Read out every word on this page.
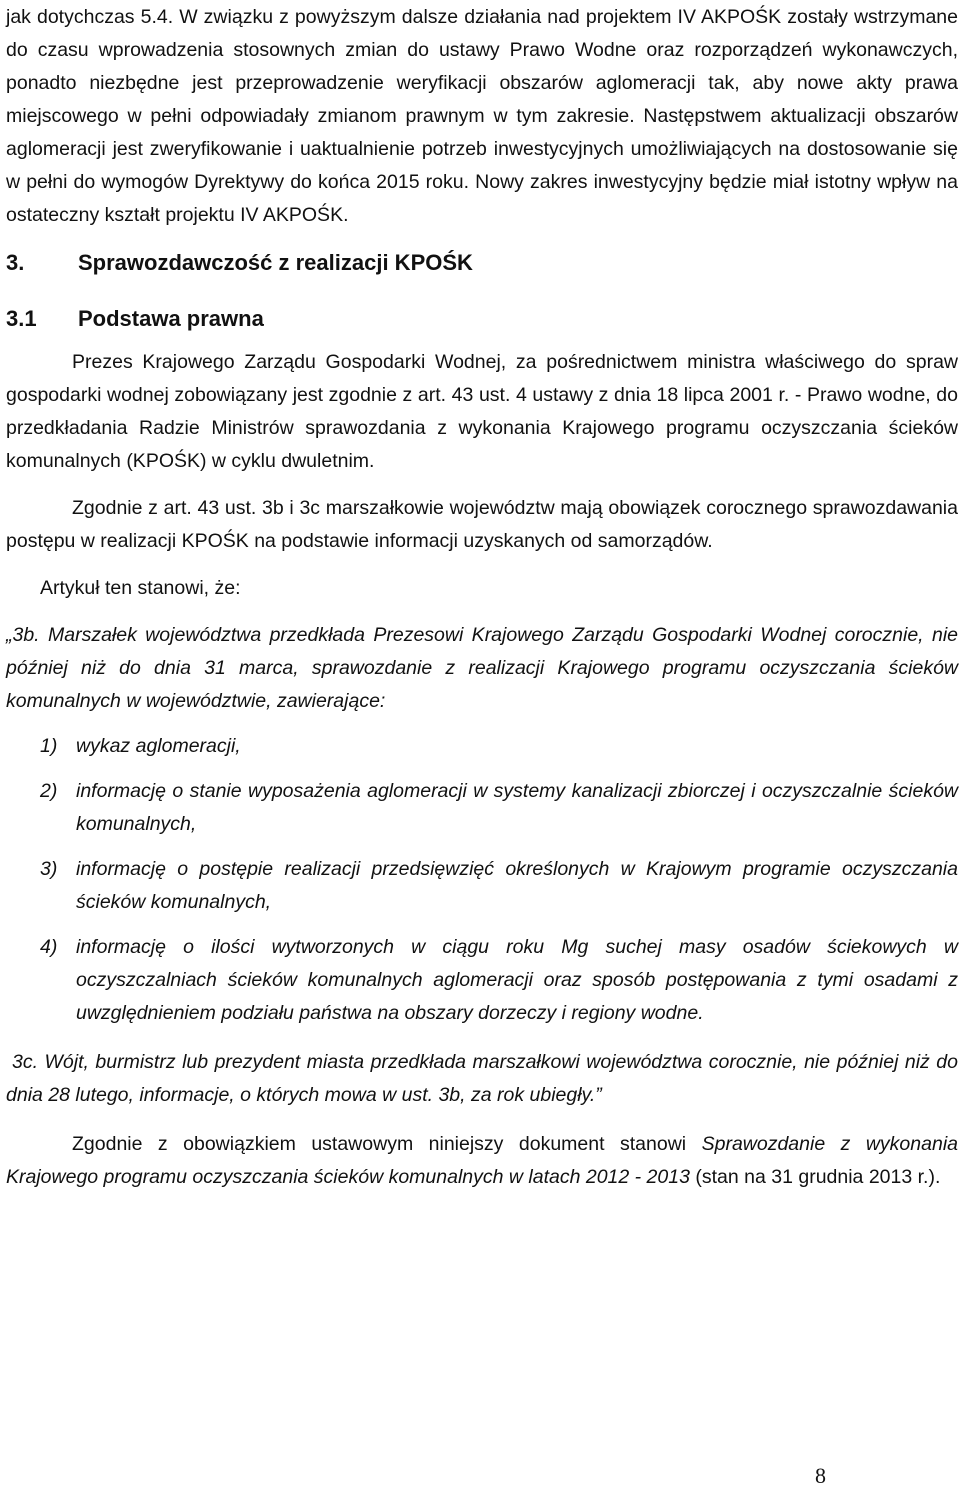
jak dotychczas 5.4. W związku z powyższym dalsze działania nad projektem IV AKPOŚK zostały wstrzymane do czasu wprowadzenia stosownych zmian do ustawy Prawo Wodne oraz rozporządzeń wykonawczych, ponadto niezbędne jest przeprowadzenie weryfikacji obszarów aglomeracji tak, aby nowe akty prawa miejscowego w pełni odpowiadały zmianom prawnym w tym zakresie. Następstwem aktualizacji obszarów aglomeracji jest zweryfikowanie i uaktualnienie potrzeb inwestycyjnych umożliwiających na dostosowanie się w pełni do wymogów Dyrektywy do końca 2015 roku. Nowy zakres inwestycyjny będzie miał istotny wpływ na ostateczny kształt projektu IV AKPOŚK.

3. Sprawozdawczość z realizacji KPOŚK
3.1 Podstawa prawna

Prezes Krajowego Zarządu Gospodarki Wodnej, za pośrednictwem ministra właściwego do spraw gospodarki wodnej zobowiązany jest zgodnie z art. 43 ust. 4 ustawy z dnia 18 lipca 2001 r. - Prawo wodne, do przedkładania Radzie Ministrów sprawozdania z wykonania Krajowego programu oczyszczania ścieków komunalnych (KPOŚK) w cyklu dwuletnim.

Zgodnie z art. 43 ust. 3b i 3c marszałkowie województw mają obowiązek corocznego sprawozdawania postępu w realizacji KPOŚK na podstawie informacji uzyskanych od samorządów.

Artykuł ten stanowi, że:

„3b. Marszałek województwa przedkłada Prezesowi Krajowego Zarządu Gospodarki Wodnej corocznie, nie później niż do dnia 31 marca, sprawozdanie z realizacji Krajowego programu oczyszczania ścieków komunalnych w województwie, zawierające:

1) wykaz aglomeracji,
2) informację o stanie wyposażenia aglomeracji w systemy kanalizacji zbiorczej i oczyszczalnie ścieków komunalnych,
3) informację o postępie realizacji przedsięwzięć określonych w Krajowym programie oczyszczania ścieków komunalnych,
4) informację o ilości wytworzonych w ciągu roku Mg suchej masy osadów ściekowych w oczyszczalniach ścieków komunalnych aglomeracji oraz sposób postępowania z tymi osadami z uwzględnieniem podziału państwa na obszary dorzeczy i regiony wodne.

3c. Wójt, burmistrz lub prezydent miasta przedkłada marszałkowi województwa corocznie, nie później niż do dnia 28 lutego, informacje, o których mowa w ust. 3b, za rok ubiegły.”

Zgodnie z obowiązkiem ustawowym niniejszy dokument stanowi Sprawozdanie z wykonania Krajowego programu oczyszczania ścieków komunalnych w latach 2012 - 2013 (stan na 31 grudnia 2013 r.).

8
